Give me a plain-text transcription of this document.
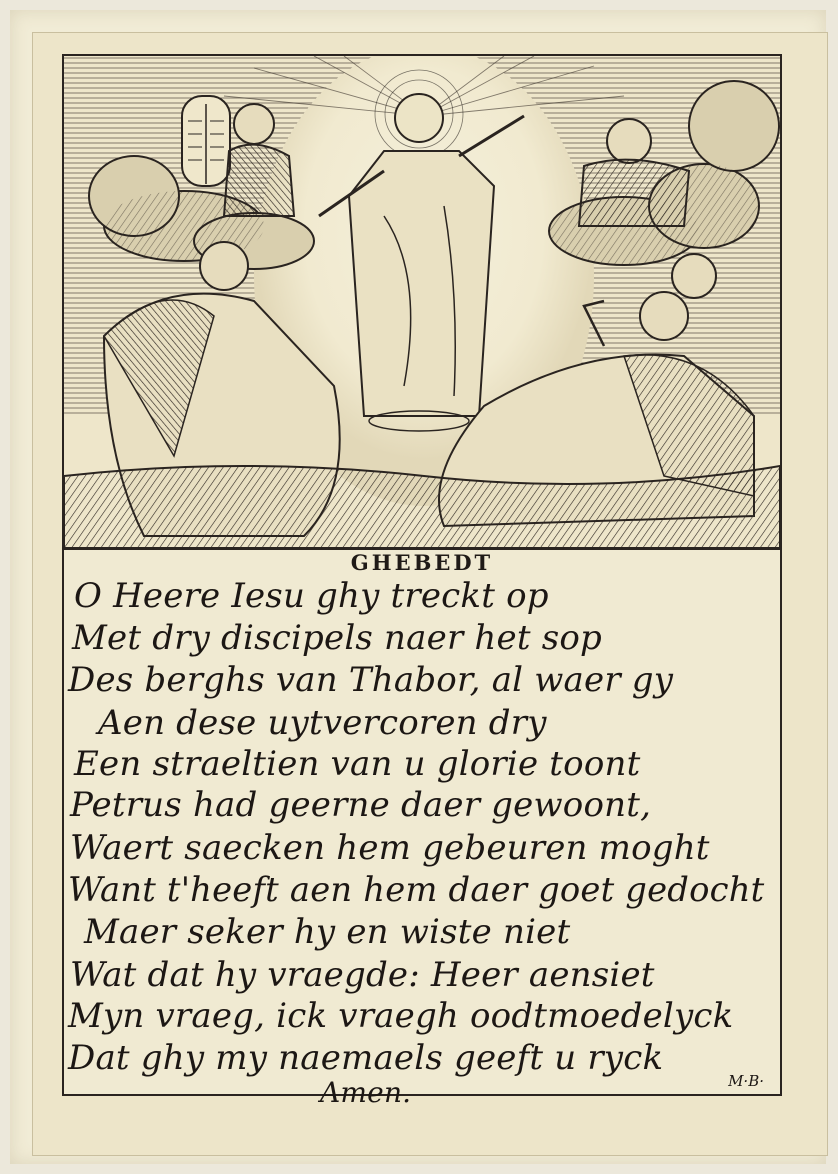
GHEBEDT
O Heere Iesu ghy treckt op
Met dry discipels naer het sop
Des berghs van Thabor, al waer gy
Aen dese uytvercoren dry
Een straeltien van u glorie toont
Petrus had geerne daer gewoont,
Waert saecken hem gebeuren moght
Want t'heeft aen hem daer goet gedocht
Maer seker hy en wiste niet
Wat dat hy vraegde: Heer aensiet
Myn vraeg, ick vraegh oodtmoedelyck
Dat ghy my naemaels geeft u ryck
Amen.	M·B·
